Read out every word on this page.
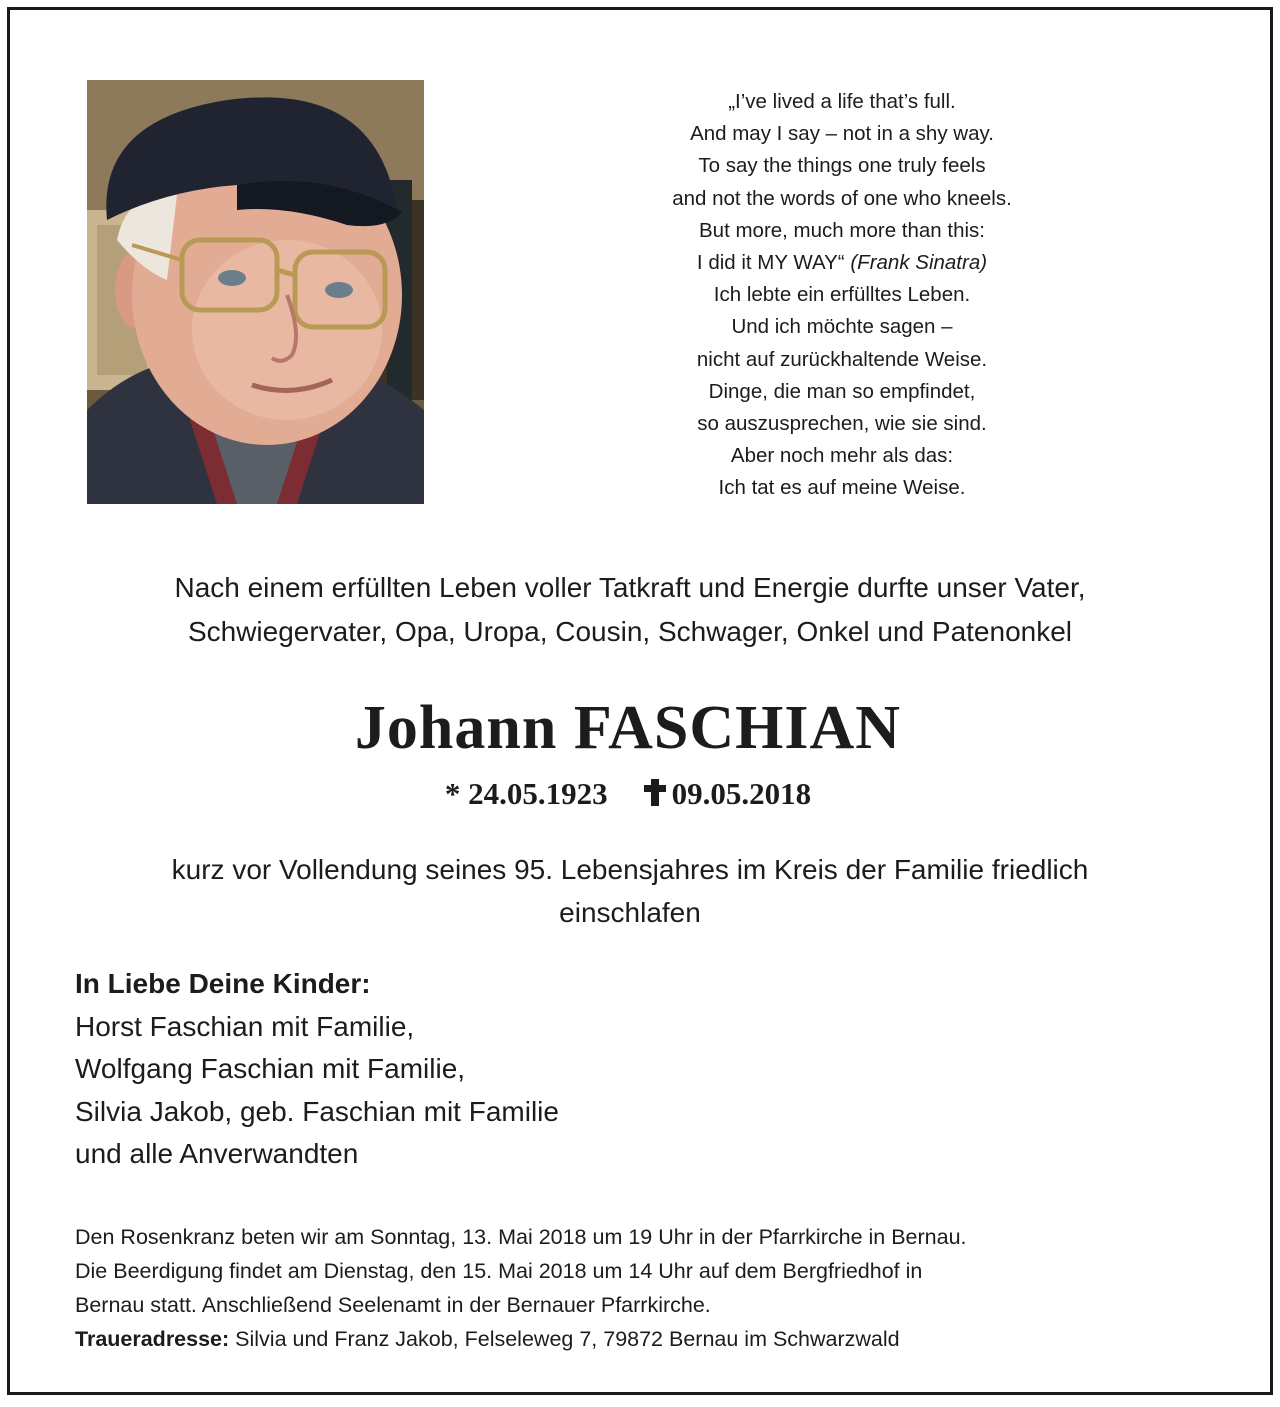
„I’ve lived a life that’s full.
And may I say – not in a shy way.
To say the things one truly feels
and not the words of one who kneels.
But more, much more than this:
I did it MY WAY“ (Frank Sinatra)
Ich lebte ein erfülltes Leben.
Und ich möchte sagen –
nicht auf zurückhaltende Weise.
Dinge, die man so empfindet,
so auszusprechen, wie sie sind.
Aber noch mehr als das:
Ich tat es auf meine Weise.
Nach einem erfüllten Leben voller Tatkraft und Energie durfte unser Vater,
Schwiegervater, Opa, Uropa, Cousin, Schwager, Onkel und Patenonkel
Johann FASCHIAN
* 24.05.1923 09.05.2018
kurz vor Vollendung seines 95. Lebensjahres im Kreis der Familie friedlich
einschlafen
In Liebe Deine Kinder:
Horst Faschian mit Familie,
Wolfgang Faschian mit Familie,
Silvia Jakob, geb. Faschian mit Familie
und alle Anverwandten
Den Rosenkranz beten wir am Sonntag, 13. Mai 2018 um 19 Uhr in der Pfarrkirche in Bernau.
Die Beerdigung findet am Dienstag, den 15. Mai 2018 um 14 Uhr auf dem Bergfriedhof in
Bernau statt. Anschließend Seelenamt in der Bernauer Pfarrkirche.
Traueradresse: Silvia und Franz Jakob, Felseleweg 7, 79872 Bernau im Schwarzwald
